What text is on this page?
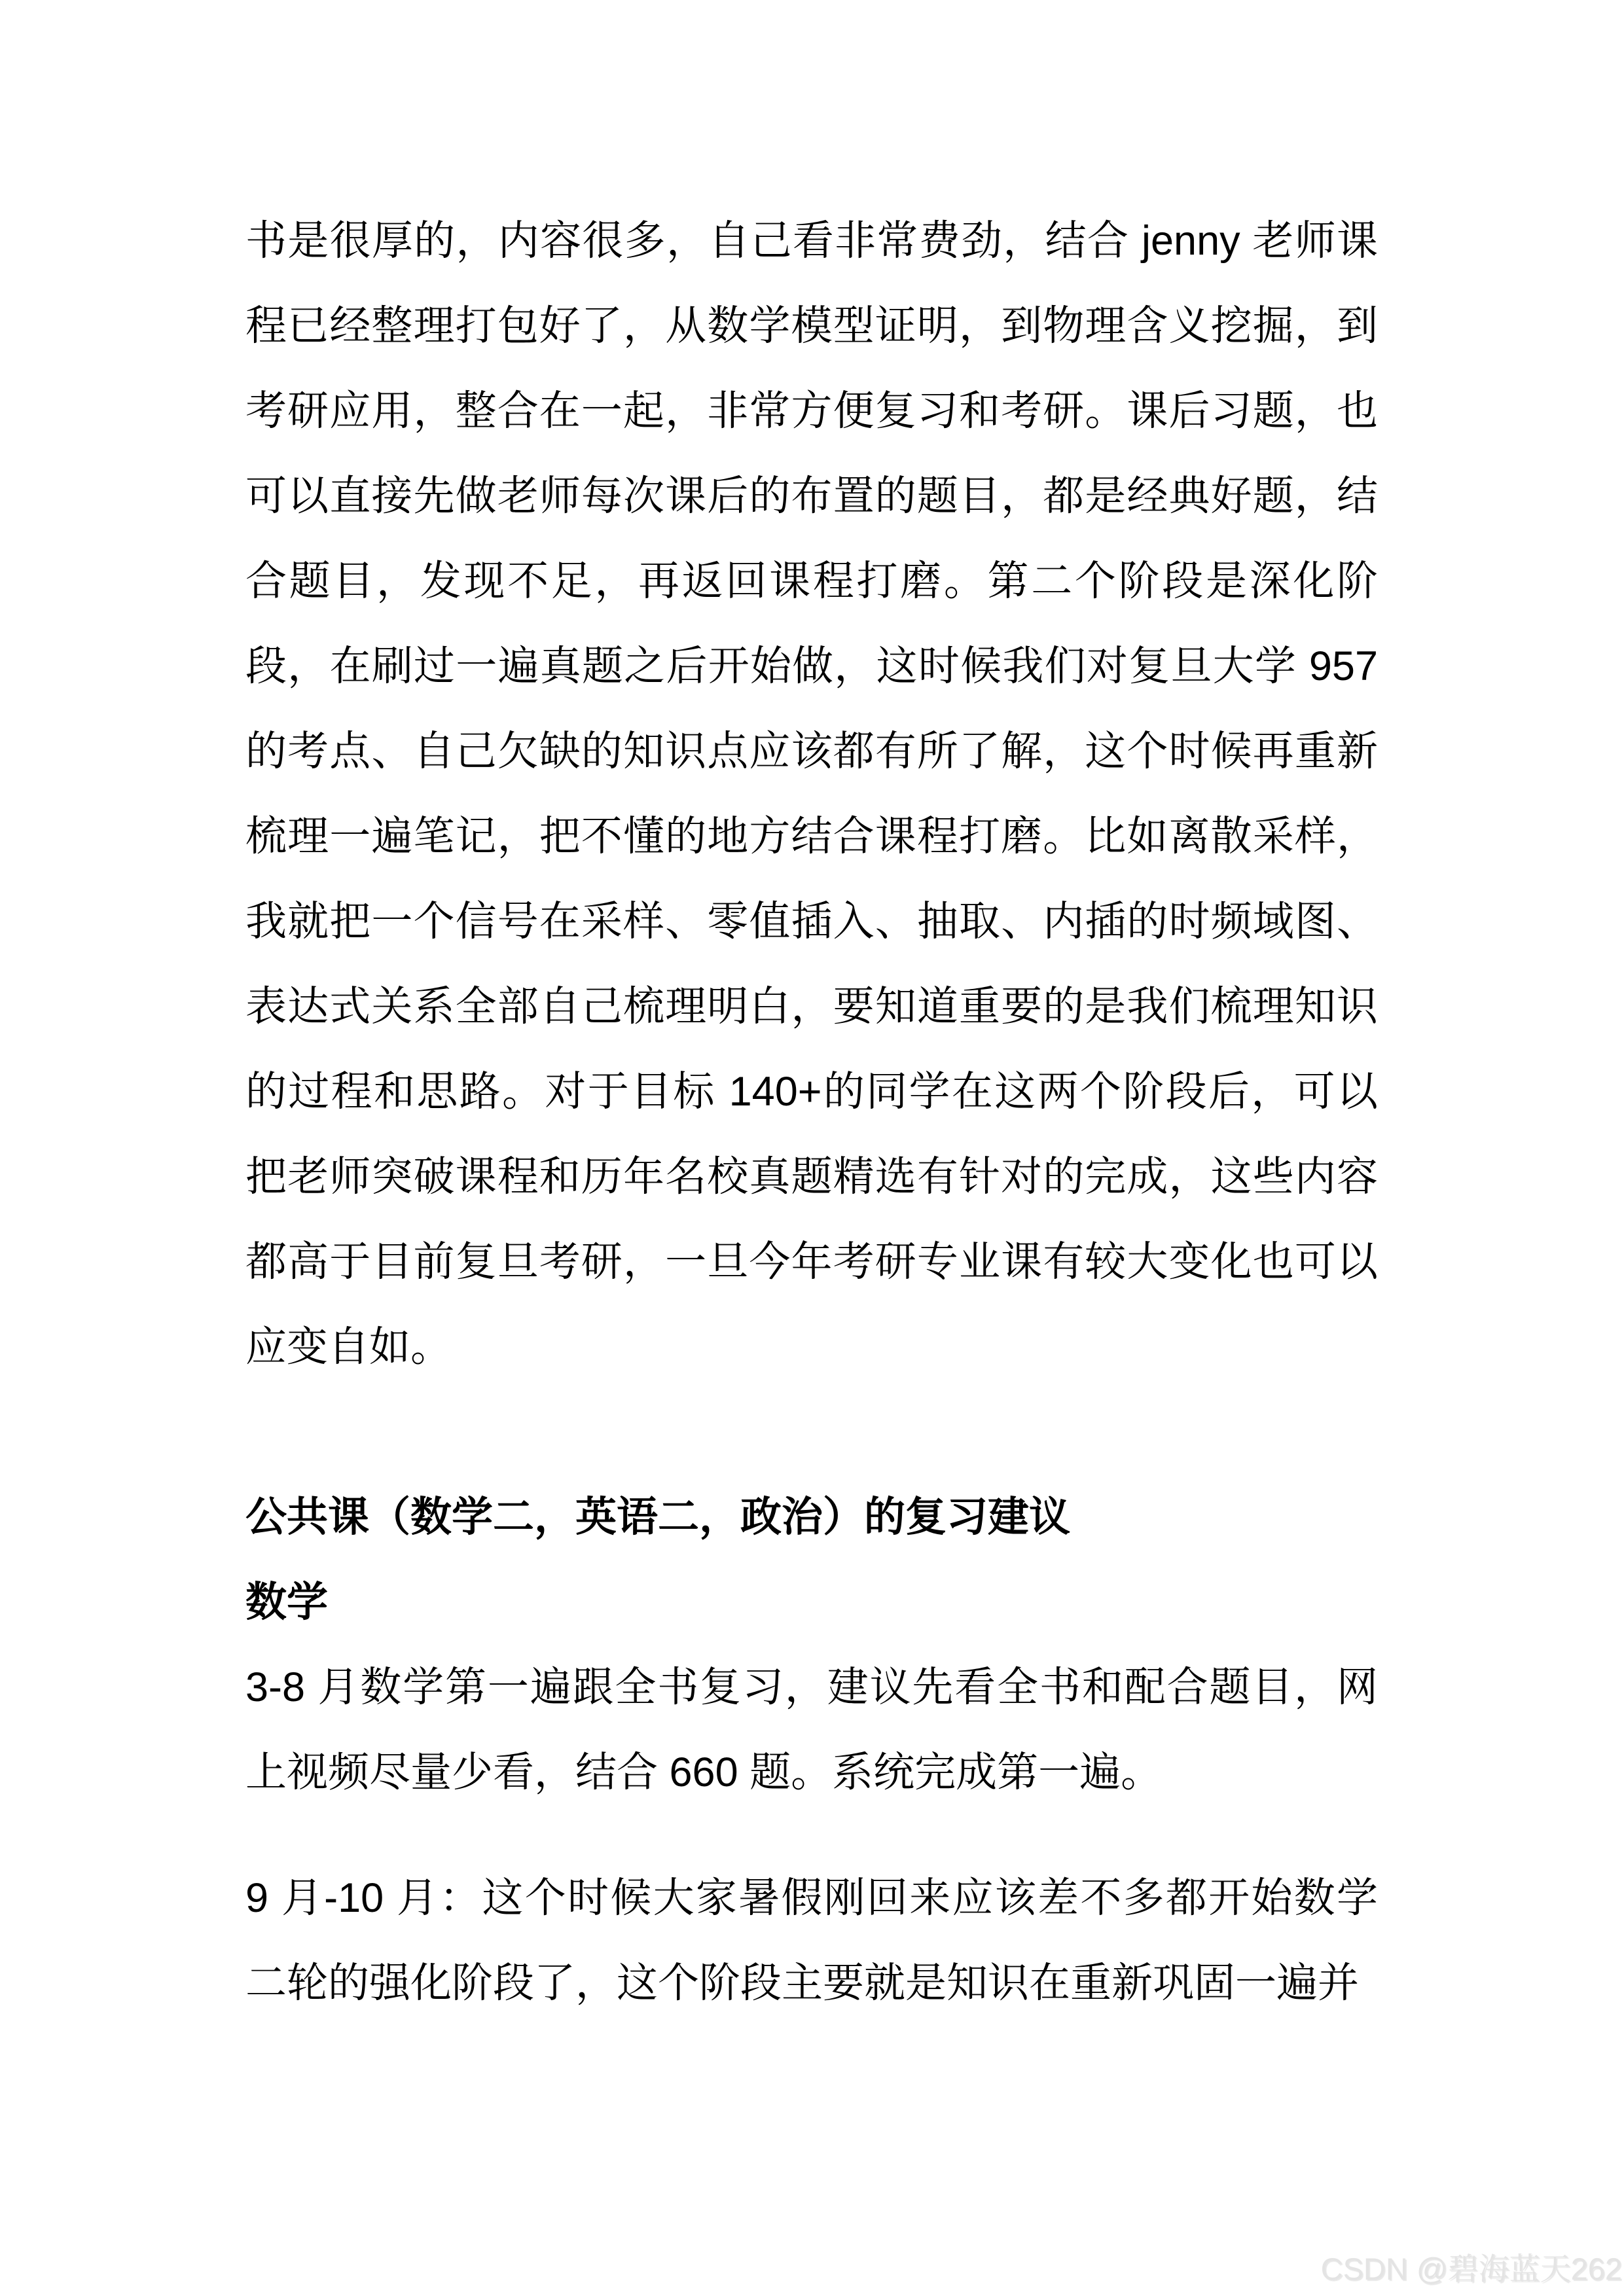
书是很厚的，内容很多，自己看非常费劲，结合 jenny 老师课
程已经整理打包好了，从数学模型证明，到物理含义挖掘，到
考研应用，整合在一起，非常方便复习和考研。课后习题，也
可以直接先做老师每次课后的布置的题目，都是经典好题，结
合题目，发现不足，再返回课程打磨。第二个阶段是深化阶
段，在刷过一遍真题之后开始做，这时候我们对复旦大学 957
的考点、自己欠缺的知识点应该都有所了解，这个时候再重新
梳理一遍笔记，把不懂的地方结合课程打磨。比如离散采样，
我就把一个信号在采样、零值插入、抽取、内插的时频域图、
表达式关系全部自己梳理明白，要知道重要的是我们梳理知识
的过程和思路。对于目标 140+的同学在这两个阶段后，可以
把老师突破课程和历年名校真题精选有针对的完成，这些内容
都高于目前复旦考研，一旦今年考研专业课有较大变化也可以
应变自如。
公共课（数学二，英语二，政治）的复习建议
数学
3-8 月数学第一遍跟全书复习，建议先看全书和配合题目，网
上视频尽量少看，结合 660 题。系统完成第一遍。
9 月-10 月：这个时候大家暑假刚回来应该差不多都开始数学
二轮的强化阶段了，这个阶段主要就是知识在重新巩固一遍并
CSDN @碧海蓝天262
